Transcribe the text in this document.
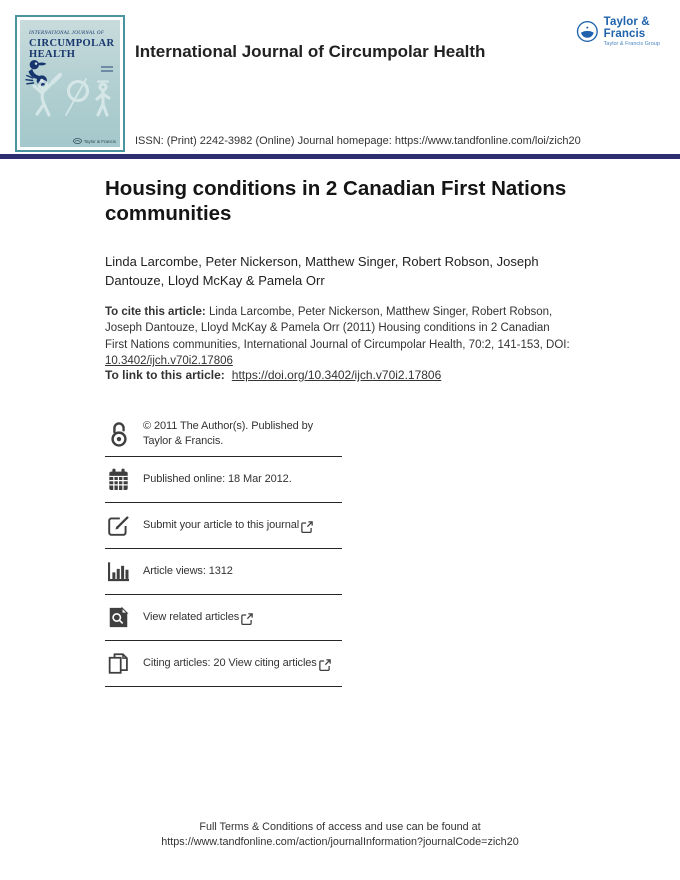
INTERNATIONAL JOURNAL OF
CIRCUMPOLAR
HEALTH
Taylor & Francis
Taylor & Francis
Taylor & Francis Group
International Journal of Circumpolar Health
ISSN: (Print) 2242-3982 (Online) Journal homepage: https://www.tandfonline.com/loi/zich20
Housing conditions in 2 Canadian First Nations communities
Linda Larcombe, Peter Nickerson, Matthew Singer, Robert Robson, Joseph Dantouze, Lloyd McKay & Pamela Orr

To cite this article: Linda Larcombe, Peter Nickerson, Matthew Singer, Robert Robson, Joseph Dantouze, Lloyd McKay & Pamela Orr (2011) Housing conditions in 2 Canadian First Nations communities, International Journal of Circumpolar Health, 70:2, 141-153, DOI: 10.3402/ijch.v70i2.17806

To link to this article: https://doi.org/10.3402/ijch.v70i2.17806

© 2011 The Author(s). Published by Taylor & Francis.
Published online: 18 Mar 2012.
Submit your article to this journal
Article views: 1312
View related articles
Citing articles: 20 View citing articles
Full Terms & Conditions of access and use can be found at
https://www.tandfonline.com/action/journalInformation?journalCode=zich20
